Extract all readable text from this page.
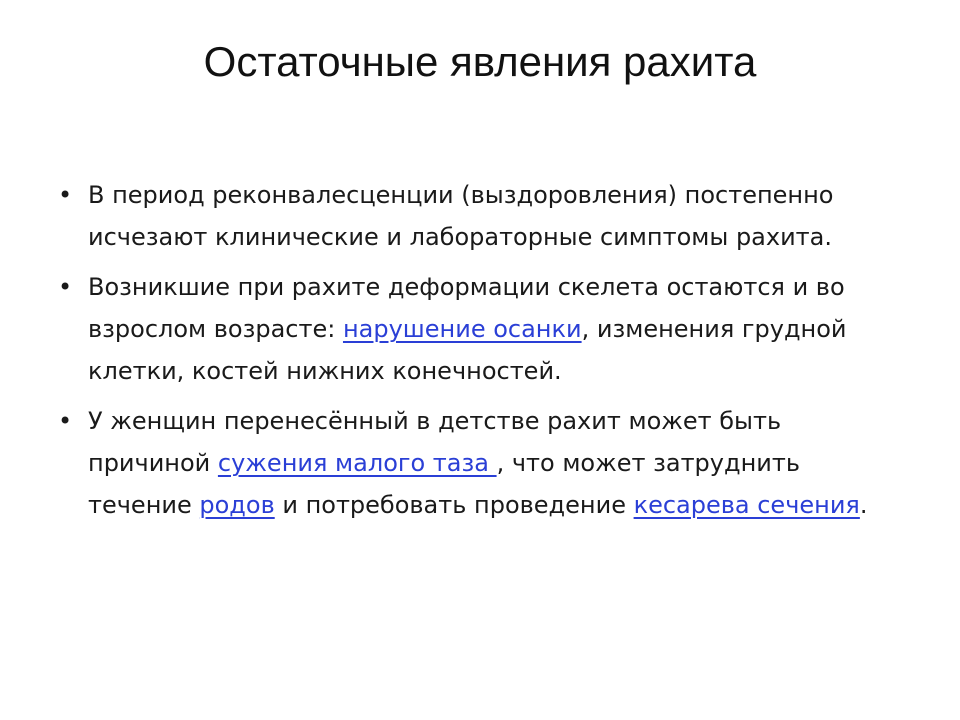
Остаточные явления рахита
• В период реконвалесценции (выздоровления) постепенно исчезают клинические и лабораторные симптомы рахита.
• Возникшие при рахите деформации скелета остаются и во взрослом возрасте: нарушение осанки, изменения грудной клетки, костей нижних конечностей.
• У женщин перенесённый в детстве рахит может быть причиной сужения малого таза , что может затруднить течение родов и потребовать проведение кесарева сечения.
